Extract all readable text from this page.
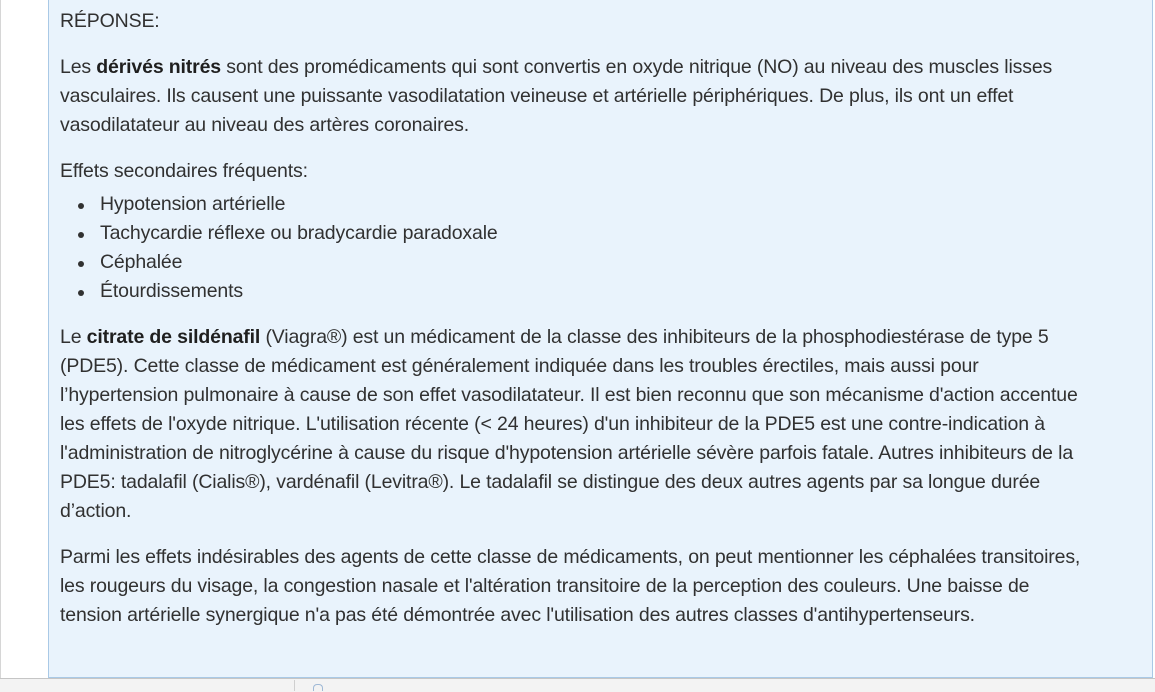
RÉPONSE:

Les dérivés nitrés sont des promédicaments qui sont convertis en oxyde nitrique (NO) au niveau des muscles lisses vasculaires. Ils causent une puissante vasodilatation veineuse et artérielle périphériques. De plus, ils ont un effet vasodilatateur au niveau des artères coronaires.

Effets secondaires fréquents:

Hypotension artérielle
Tachycardie réflexe ou bradycardie paradoxale
Céphalée
Étourdissements

Le citrate de sildénafil (Viagra®) est un médicament de la classe des inhibiteurs de la phosphodiestérase de type 5 (PDE5). Cette classe de médicament est généralement indiquée dans les troubles érectiles, mais aussi pour l’hypertension pulmonaire à cause de son effet vasodilatateur. Il est bien reconnu que son mécanisme d'action accentue les effets de l'oxyde nitrique. L'utilisation récente (< 24 heures) d'un inhibiteur de la PDE5 est une contre-indication à l'administration de nitroglycérine à cause du risque d'hypotension artérielle sévère parfois fatale. Autres inhibiteurs de la PDE5: tadalafil (Cialis®), vardénafil (Levitra®). Le tadalafil se distingue des deux autres agents par sa longue durée d’action.

Parmi les effets indésirables des agents de cette classe de médicaments, on peut mentionner les céphalées transitoires, les rougeurs du visage, la congestion nasale et l'altération transitoire de la perception des couleurs. Une baisse de tension artérielle synergique n'a pas été démontrée avec l'utilisation des autres classes d'antihypertenseurs.
